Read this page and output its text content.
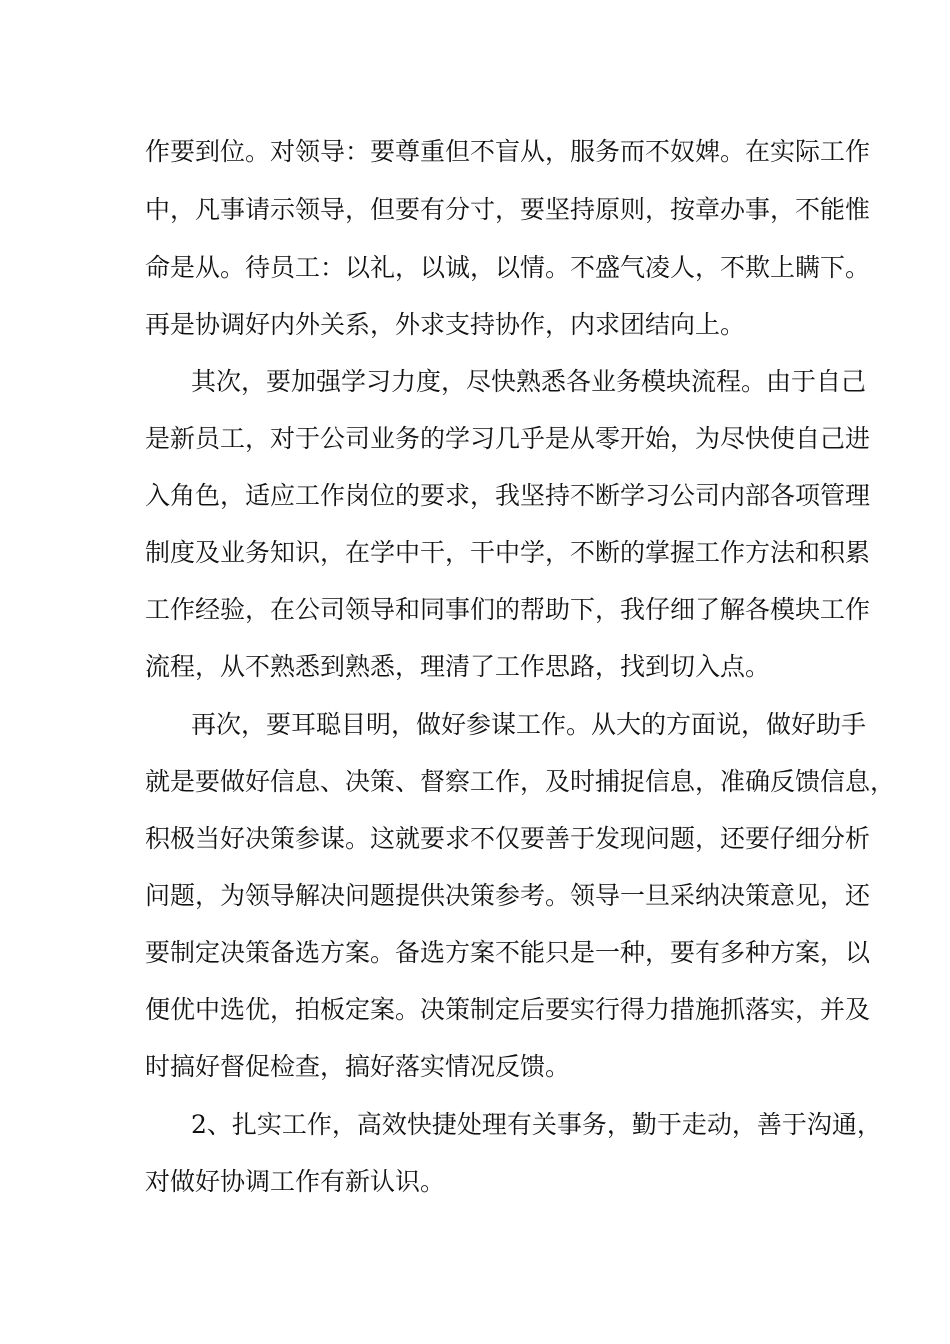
作要到位。对领导：要尊重但不盲从，服务而不奴婢。在实际工作
中，凡事请示领导，但要有分寸，要坚持原则，按章办事，不能惟
命是从。待员工：以礼，以诚，以情。不盛气凌人，不欺上瞒下。
再是协调好内外关系，外求支持协作，内求团结向上。
其次，要加强学习力度，尽快熟悉各业务模块流程。由于自己
是新员工，对于公司业务的学习几乎是从零开始，为尽快使自己进
入角色，适应工作岗位的要求，我坚持不断学习公司内部各项管理
制度及业务知识，在学中干，干中学，不断的掌握工作方法和积累
工作经验，在公司领导和同事们的帮助下，我仔细了解各模块工作
流程，从不熟悉到熟悉，理清了工作思路，找到切入点。
再次，要耳聪目明，做好参谋工作。从大的方面说，做好助手
就是要做好信息、决策、督察工作，及时捕捉信息，准确反馈信息，
积极当好决策参谋。这就要求不仅要善于发现问题，还要仔细分析
问题，为领导解决问题提供决策参考。领导一旦采纳决策意见，还
要制定决策备选方案。备选方案不能只是一种，要有多种方案，以
便优中选优，拍板定案。决策制定后要实行得力措施抓落实，并及
时搞好督促检查，搞好落实情况反馈。
2、扎实工作，高效快捷处理有关事务，勤于走动，善于沟通，
对做好协调工作有新认识。
